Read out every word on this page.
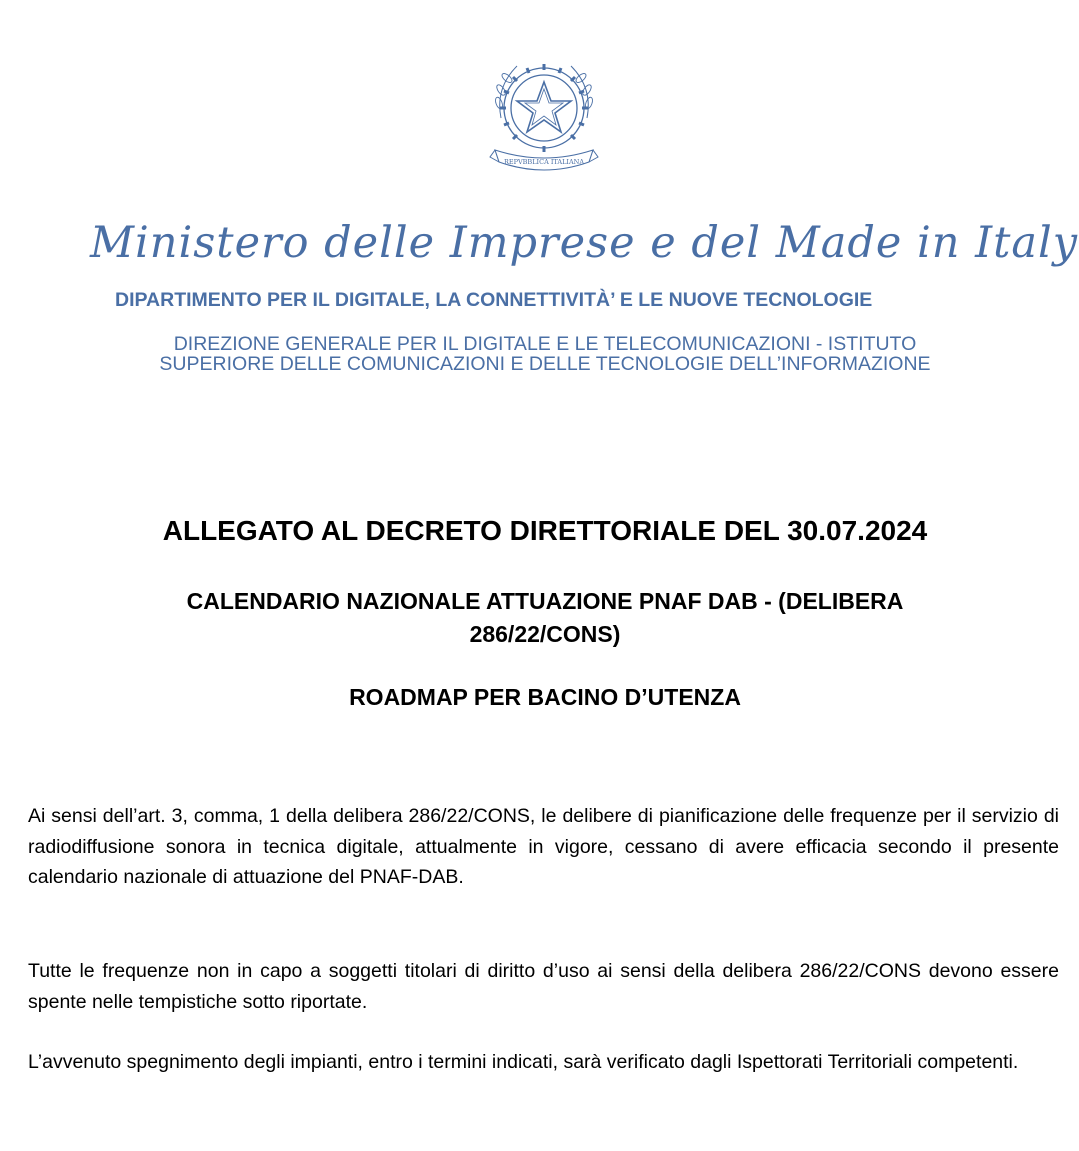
REPVBBLICA ITALIANA
Ministero delle Imprese e del Made in Italy
DIPARTIMENTO PER IL DIGITALE, LA CONNETTIVITÀ’ E LE NUOVE TECNOLOGIE
DIREZIONE GENERALE PER IL DIGITALE E LE TELECOMUNICAZIONI - ISTITUTO
SUPERIORE DELLE COMUNICAZIONI E DELLE TECNOLOGIE DELL’INFORMAZIONE
ALLEGATO AL DECRETO DIRETTORIALE DEL 30.07.2024
CALENDARIO NAZIONALE ATTUAZIONE PNAF DAB - (DELIBERA
286/22/CONS)
ROADMAP PER BACINO D’UTENZA

Ai sensi dell’art. 3, comma, 1 della delibera 286/22/CONS, le delibere di pianificazione delle frequenze per il servizio di radiodiffusione sonora in tecnica digitale, attualmente in vigore, cessano di avere efficacia secondo il presente calendario nazionale di attuazione del PNAF-DAB.

Tutte le frequenze non in capo a soggetti titolari di diritto d’uso ai sensi della delibera 286/22/CONS devono essere spente nelle tempistiche sotto riportate.

L’avvenuto spegnimento degli impianti, entro i termini indicati, sarà verificato dagli Ispettorati Territoriali competenti.
